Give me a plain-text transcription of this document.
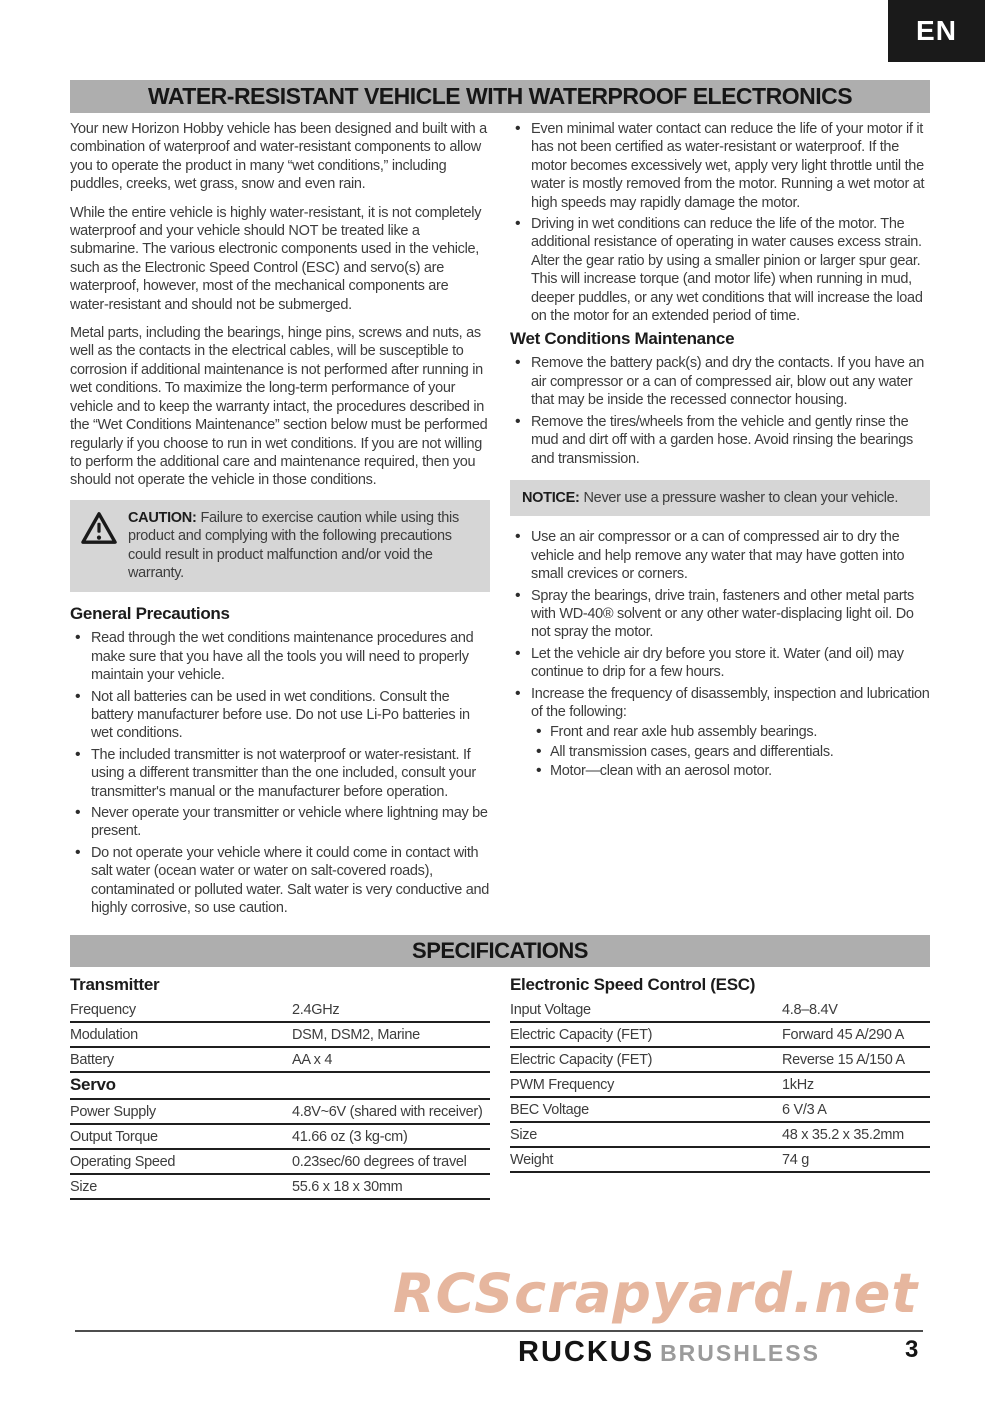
EN
WATER-RESISTANT VEHICLE WITH WATERPROOF ELECTRONICS

Your new Horizon Hobby vehicle has been designed and built with a combination of waterproof and water-resistant components to allow you to operate the product in many “wet conditions,” including puddles, creeks, wet grass, snow and even rain.

While the entire vehicle is highly water-resistant, it is not completely waterproof and your vehicle should NOT be treated like a submarine. The various electronic components used in the vehicle, such as the Electronic Speed Control (ESC) and servo(s) are waterproof, however, most of the mechanical components are water-resistant and should not be submerged.

Metal parts, including the bearings, hinge pins, screws and nuts, as well as the contacts in the electrical cables, will be susceptible to corrosion if additional maintenance is not performed after running in wet conditions. To maximize the long-term performance of your vehicle and to keep the warranty intact, the procedures described in the “Wet Conditions Maintenance” section below must be performed regularly if you choose to run in wet conditions. If you are not willing to perform the additional care and maintenance required, then you should not operate the vehicle in those conditions.

CAUTION: Failure to exercise caution while using this product and complying with the following precautions could result in product malfunction and/or void the warranty.
General Precautions
• Read through the wet conditions maintenance procedures and make sure that you have all the tools you will need to properly maintain your vehicle.
• Not all batteries can be used in wet conditions. Consult the battery manufacturer before use. Do not use Li-Po batteries in wet conditions.
• The included transmitter is not waterproof or water-resistant. If using a different transmitter than the one included, consult your transmitter's manual or the manufacturer before operation.
• Never operate your transmitter or vehicle where lightning may be present.
• Do not operate your vehicle where it could come in contact with salt water (ocean water or water on salt-covered roads), contaminated or polluted water. Salt water is very conductive and highly corrosive, so use caution.
• Even minimal water contact can reduce the life of your motor if it has not been certified as water-resistant or waterproof. If the motor becomes excessively wet, apply very light throttle until the water is mostly removed from the motor. Running a wet motor at high speeds may rapidly damage the motor.
• Driving in wet conditions can reduce the life of the motor. The additional resistance of operating in water causes excess strain. Alter the gear ratio by using a smaller pinion or larger spur gear. This will increase torque (and motor life) when running in mud, deeper puddles, or any wet conditions that will increase the load on the motor for an extended period of time.
Wet Conditions Maintenance
• Remove the battery pack(s) and dry the contacts. If you have an air compressor or a can of compressed air, blow out any water that may be inside the recessed connector housing.
• Remove the tires/wheels from the vehicle and gently rinse the mud and dirt off with a garden hose. Avoid rinsing the bearings and transmission.
NOTICE: Never use a pressure washer to clean your vehicle.
• Use an air compressor or a can of compressed air to dry the vehicle and help remove any water that may have gotten into small crevices or corners.
• Spray the bearings, drive train, fasteners and other metal parts with WD-40® solvent or any other water-displacing light oil. Do not spray the motor.
• Let the vehicle air dry before you store it. Water (and oil) may continue to drip for a few hours.
• Increase the frequency of disassembly, inspection and lubrication of the following:
• Front and rear axle hub assembly bearings.
• All transmission cases, gears and differentials.
• Motor—clean with an aerosol motor.
SPECIFICATIONS
Transmitter
Frequency	2.4GHz
Modulation	DSM, DSM2, Marine
Battery	AA x 4
Servo
Power Supply	4.8V~6V (shared with receiver)
Output Torque	41.66 oz (3 kg-cm)
Operating Speed	0.23sec/60 degrees of travel
Size	55.6 x 18 x 30mm
Electronic Speed Control (ESC)
Input Voltage	4.8–8.4V
Electric Capacity (FET)	Forward 45 A/290 A
Electric Capacity (FET)	Reverse 15 A/150 A
PWM Frequency	1kHz
BEC Voltage	6 V/3 A
Size	48 x 35.2 x 35.2mm
Weight	74 g
RCScrapyard.net
RUCKUS BRUSHLESS	3
